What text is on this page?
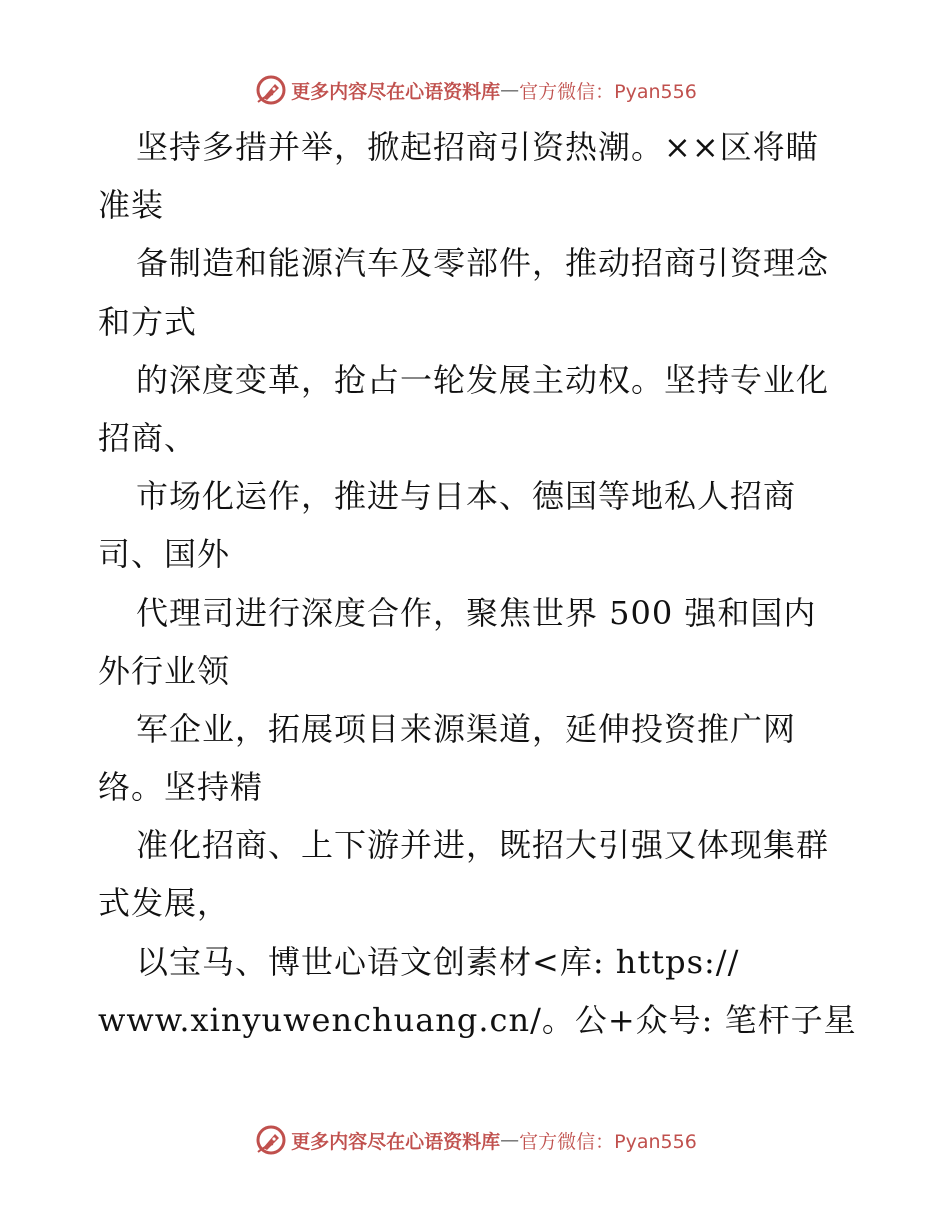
更多内容尽在心语资料库 — 官方微信：Pyan556
坚持多措并举，掀起招商引资热潮。××区将瞄
准装
备制造和能源汽车及零部件，推动招商引资理念
和方式
的深度变革，抢占一轮发展主动权。坚持专业化
招商、
市场化运作，推进与日本、德国等地私人招商
司、国外
代理司进行深度合作，聚焦世界 500 强和国内
外行业领
军企业，拓展项目来源渠道，延伸投资推广网
络。坚持精
准化招商、上下游并进，既招大引强又体现集群
式发展，
以宝马、博世心语文创素材<库: https://
www.xinyuwenchuang.cn/。公+众号: 笔杆子星
更多内容尽在心语资料库 — 官方微信：Pyan556
